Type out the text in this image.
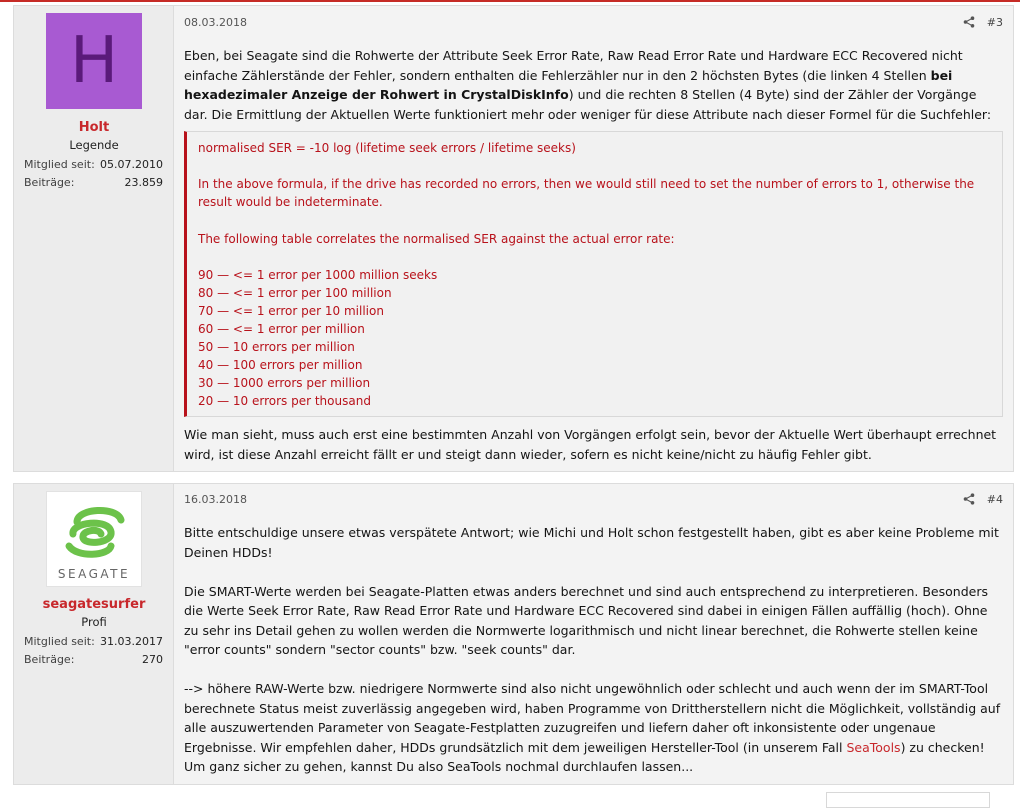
H
Holt
Legende
Mitglied seit: 05.07.2010
Beiträge:	23.859
08.03.2018	#3

Eben, bei Seagate sind die Rohwerte der Attribute Seek Error Rate, Raw Read Error Rate und Hardware ECC Recovered nicht einfache Zählerstände der Fehler, sondern enthalten die Fehlerzähler nur in den 2 höchsten Bytes (die linken 4 Stellen bei hexadezimaler Anzeige der Rohwert in CrystalDiskInfo) und die rechten 8 Stellen (4 Byte) sind der Zähler der Vorgänge dar. Die Ermittlung der Aktuellen Werte funktioniert mehr oder weniger für diese Attribute nach dieser Formel für die Suchfehler:

normalised SER = -10 log (lifetime seek errors / lifetime seeks)
In the above formula, if the drive has recorded no errors, then we would still need to set the number of errors to 1, otherwise the result would be indeterminate.
The following table correlates the normalised SER against the actual error rate:
90 — <= 1 error per 1000 million seeks
80 — <= 1 error per 100 million
70 — <= 1 error per 10 million
60 — <= 1 error per million
50 — 10 errors per million
40 — 100 errors per million
30 — 1000 errors per million
20 — 10 errors per thousand

Wie man sieht, muss auch erst eine bestimmten Anzahl von Vorgängen erfolgt sein, bevor der Aktuelle Wert überhaupt errechnet wird, ist diese Anzahl erreicht fällt er und steigt dann wieder, sofern es nicht keine/nicht zu häufig Fehler gibt.

SEAGATE
seagatesurfer
Profi
Mitglied seit: 31.03.2017
Beiträge:	270
16.03.2018	#4

Bitte entschuldige unsere etwas verspätete Antwort; wie Michi und Holt schon festgestellt haben, gibt es aber keine Probleme mit Deinen HDDs!

Die SMART-Werte werden bei Seagate-Platten etwas anders berechnet und sind auch entsprechend zu interpretieren. Besonders die Werte Seek Error Rate, Raw Read Error Rate und Hardware ECC Recovered sind dabei in einigen Fällen auffällig (hoch). Ohne zu sehr ins Detail gehen zu wollen werden die Normwerte logarithmisch und nicht linear berechnet, die Rohwerte stellen keine "error counts" sondern "sector counts" bzw. "seek counts" dar.

--> höhere RAW-Werte bzw. niedrigere Normwerte sind also nicht ungewöhnlich oder schlecht und auch wenn der im SMART-Tool berechnete Status meist zuverlässig angegeben wird, haben Programme von Drittherstellern nicht die Möglichkeit, vollständig auf alle auszuwertenden Parameter von Seagate-Festplatten zuzugreifen und liefern daher oft inkonsistente oder ungenaue Ergebnisse. Wir empfehlen daher, HDDs grundsätzlich mit dem jeweiligen Hersteller-Tool (in unserem Fall SeaTools) zu checken! Um ganz sicher zu gehen, kannst Du also SeaTools nochmal durchlaufen lassen...
